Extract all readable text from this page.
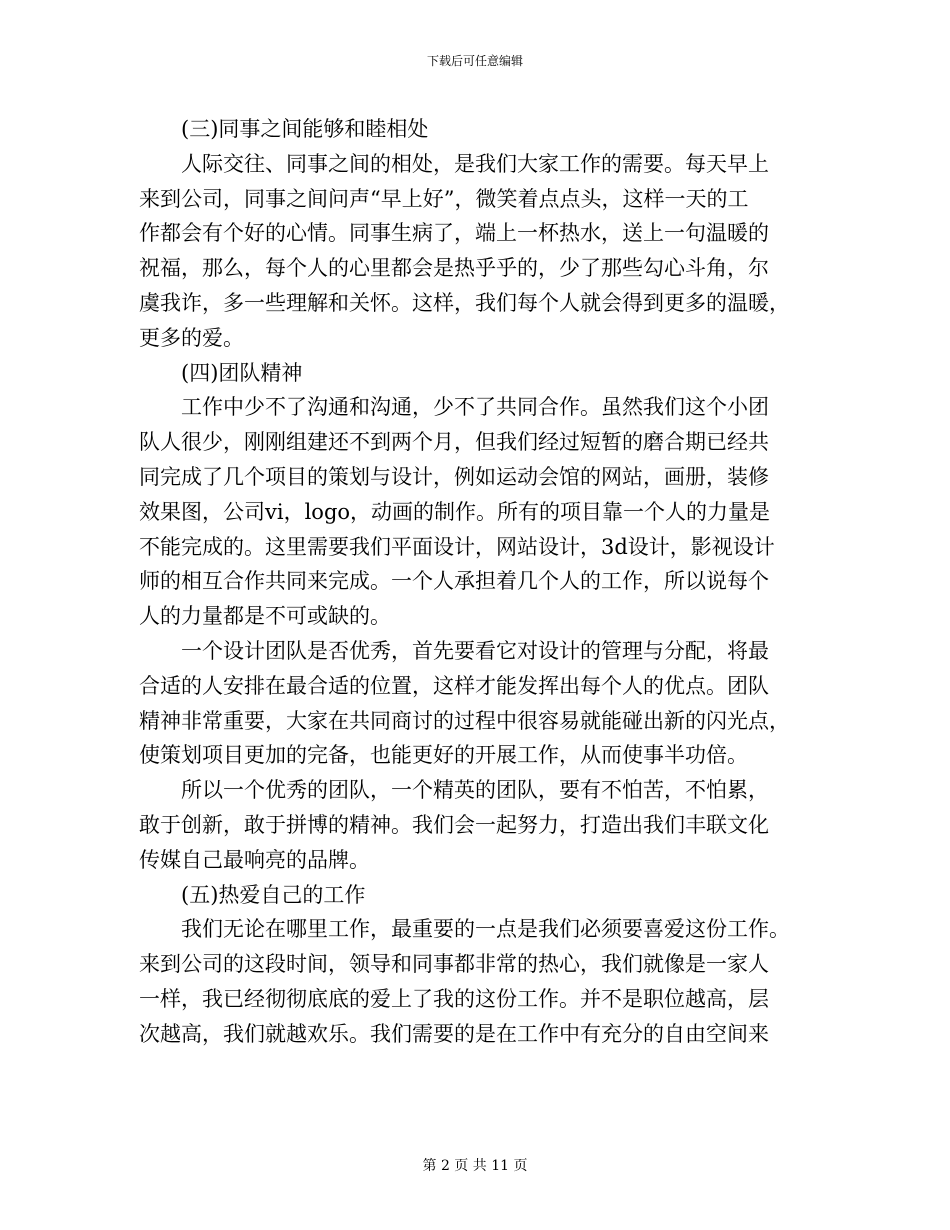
下载后可任意编辑
(三)同事之间能够和睦相处
人际交往、同事之间的相处，是我们大家工作的需要。每天早上
来到公司，同事之间问声“早上好”，微笑着点点头，这样一天的工
作都会有个好的心情。同事生病了，端上一杯热水，送上一句温暖的
祝福，那么，每个人的心里都会是热乎乎的，少了那些勾心斗角，尔
虞我诈，多一些理解和关怀。这样，我们每个人就会得到更多的温暖，
更多的爱。
(四)团队精神
工作中少不了沟通和沟通，少不了共同合作。虽然我们这个小团
队人很少，刚刚组建还不到两个月，但我们经过短暂的磨合期已经共
同完成了几个项目的策划与设计，例如运动会馆的网站，画册，装修
效果图，公司vi，logo，动画的制作。所有的项目靠一个人的力量是
不能完成的。这里需要我们平面设计，网站设计，3d设计，影视设计
师的相互合作共同来完成。一个人承担着几个人的工作，所以说每个
人的力量都是不可或缺的。
一个设计团队是否优秀，首先要看它对设计的管理与分配，将最
合适的人安排在最合适的位置，这样才能发挥出每个人的优点。团队
精神非常重要，大家在共同商讨的过程中很容易就能碰出新的闪光点，
使策划项目更加的完备，也能更好的开展工作，从而使事半功倍。
所以一个优秀的团队，一个精英的团队，要有不怕苦，不怕累，
敢于创新，敢于拼博的精神。我们会一起努力，打造出我们丰联文化
传媒自己最响亮的品牌。
(五)热爱自己的工作
我们无论在哪里工作，最重要的一点是我们必须要喜爱这份工作。
来到公司的这段时间，领导和同事都非常的热心，我们就像是一家人
一样，我已经彻彻底底的爱上了我的这份工作。并不是职位越高，层
次越高，我们就越欢乐。我们需要的是在工作中有充分的自由空间来
第 2 页 共 11 页
